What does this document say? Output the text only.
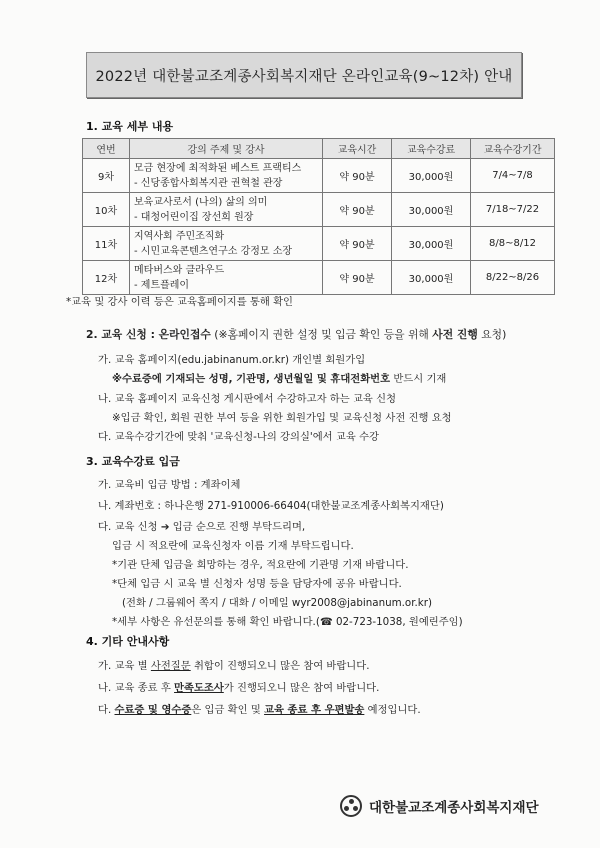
2022년 대한불교조계종사회복지재단 온라인교육(9~12차) 안내
1. 교육 세부 내용
연번	강의 주제 및 강사	교육시간	교육수강료	교육수강기간
9차	모금 현장에 최적화된 베스트 프랙티스
- 신당종합사회복지관 권혁철 관장	약 90분	30,000원	7/4~7/8
10차	보육교사로서 (나의) 삶의 의미
- 대청어린이집 장선희 원장	약 90분	30,000원	7/18~7/22
11차	지역사회 주민조직화
- 시민교육콘텐츠연구소 강정모 소장	약 90분	30,000원	8/8~8/12
12차	메타버스와 클라우드
- 제트플레이	약 90분	30,000원	8/22~8/26
*교육 및 강사 이력 등은 교육홈페이지를 통해 확인
2. 교육 신청 : 온라인접수 (※홈페이지 권한 설정 및 입금 확인 등을 위해 사전 진행 요청)
가. 교육 홈페이지(edu.jabinanum.or.kr) 개인별 회원가입
※수료증에 기재되는 성명, 기관명, 생년월일 및 휴대전화번호 반드시 기재
나. 교육 홈페이지 교육신청 게시판에서 수강하고자 하는 교육 신청
※입금 확인, 회원 권한 부여 등을 위한 회원가입 및 교육신청 사전 진행 요청
다. 교육수강기간에 맞춰 '교육신청-나의 강의실'에서 교육 수강
3. 교육수강료 입금
가. 교육비 입금 방법 : 계좌이체
나. 계좌번호 : 하나은행 271-910006-66404(대한불교조계종사회복지재단)
다. 교육 신청 ➔ 입금 순으로 진행 부탁드리며,
입금 시 적요란에 교육신청자 이름 기재 부탁드립니다.
*기관 단체 입금을 희망하는 경우, 적요란에 기관명 기재 바랍니다.
*단체 입금 시 교육 별 신청자 성명 등을 담당자에 공유 바랍니다.
(전화 / 그룹웨어 쪽지 / 대화 / 이메일 wyr2008@jabinanum.or.kr)
*세부 사항은 유선문의를 통해 확인 바랍니다.(☎ 02-723-1038, 원예린주임)
4. 기타 안내사항
가. 교육 별 사전질문 취합이 진행되오니 많은 참여 바랍니다.
나. 교육 종료 후 만족도조사가 진행되오니 많은 참여 바랍니다.
다. 수료증 및 영수증은 입금 확인 및 교육 종료 후 우편발송 예정입니다.
대한불교조계종사회복지재단
